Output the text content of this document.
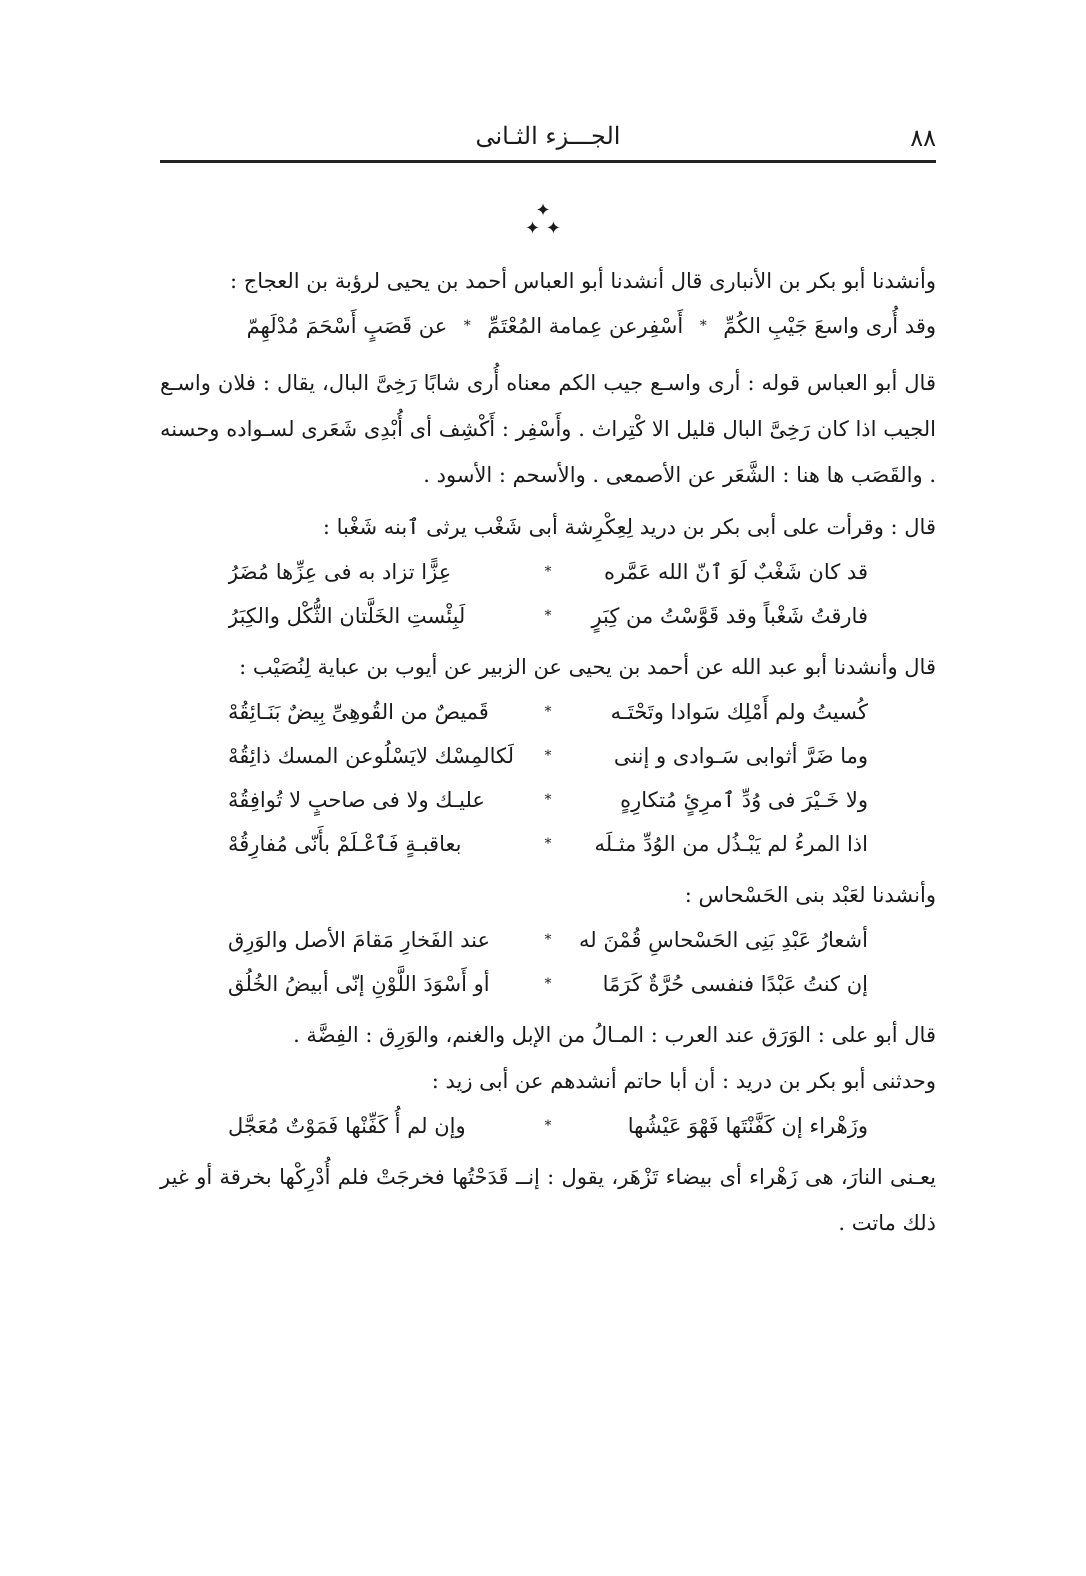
٨٨
الجـــزء الثـانى
✦
✦ ✦

وأنشدنا أبو بكر بن الأنبارى قال أنشدنا أبو العباس أحمد بن يحيى لرؤبة بن العجاج :

وقد أُرى واسعَ جَيْبِ الكُمِّ
*
أَسْفِرعن عِمامة المُعْتَمِّ
*
عن قَصَبٍ أَسْحَمَ مُدْلَهِمّ

قال أبو العباس قوله : أرى واسـع جيب الكم معناه أُرى شابًا رَخِىَّ البال، يقال : فلان واسـع الجيب اذا كان رَخِىَّ البال قليل الا كْتِراث . وأَسْفِر : أَكْشِف أى أُبْدِى شَعَرى لسـواده وحسنه . والقَصَب ها هنا : الشَّعَر عن الأصمعى . والأسحم : الأسود .

قال : وقرأت على أبى بكر بن دريد لِعِكْرِشة أبى شَغْب يرثى ٱبنه شَغْبا :

قد كان شَغْبٌ لَوَ ٱنّ الله عَمَّره
*
عِزًّا تزاد به فى عِزِّها مُضَرُ
فارقتُ شَغْباً وقد قَوَّسْتُ من كِبَرٍ
*
لَبِئْستِ الخَلَّتان الثُّكْل والكِبَرُ

قال وأنشدنا أبو عبد الله عن أحمد بن يحيى عن الزبير عن أيوب بن عباية لِنُصَيْب :

كُسيتُ ولم أَمْلِك سَوادا وتَحْتَـه
*
قَميصٌ من القُوهِىِّ بِيضٌ بَنَـائِقُهْ
وما ضَرَّ أثوابى سَـوادى و إننى
*
لَكالمِسْك لايَسْلُوعن المسك ذائِقُهْ
ولا خَـيْرَ فى وُدِّ ٱمرِئٍ مُتكارِهٍ
*
عليـك ولا فى صاحبٍ لا تُوافِقُهْ
اذا المرءُ لم يَبْـذُل من الوُدِّ مثـلَه
*
بعاقبـةٍ فَٱعْـلَمْ بأَنّى مُفارِقُهْ

وأنشدنا لعَبْد بنى الحَسْحاس :

أشعارُ عَبْدِ بَنِى الحَسْحاسِ قُمْنَ له
*
عند الفَخارِ مَقامَ الأصل والوَرِق
إن كنتُ عَبْدًا فنفسى حُرَّةٌ كَرَمًا
*
أو أَسْوَدَ اللَّوْنِ إنّى أبيضُ الخُلُق

قال أبو على : الوَرَق عند العرب : المـالُ من الإبل والغنم، والوَرِق : الفِضَّة .

وحدثنى أبو بكر بن دريد : أن أبا حاتم أنشدهم عن أبى زيد :

وزَهْراء إن كَفَّنْتَها فَهْوَ عَيْشُها
*
وإن لم أُ كَفِّنْها فَمَوْتٌ مُعَجَّل

يعـنى النارَ، هى زَهْراء أى بيضاء تَزْهَر، يقول : إنــ قَدَحْتُها فخرجَتْ فلم أُدْرِكْها بخرقة أو غير ذلك ماتت .
